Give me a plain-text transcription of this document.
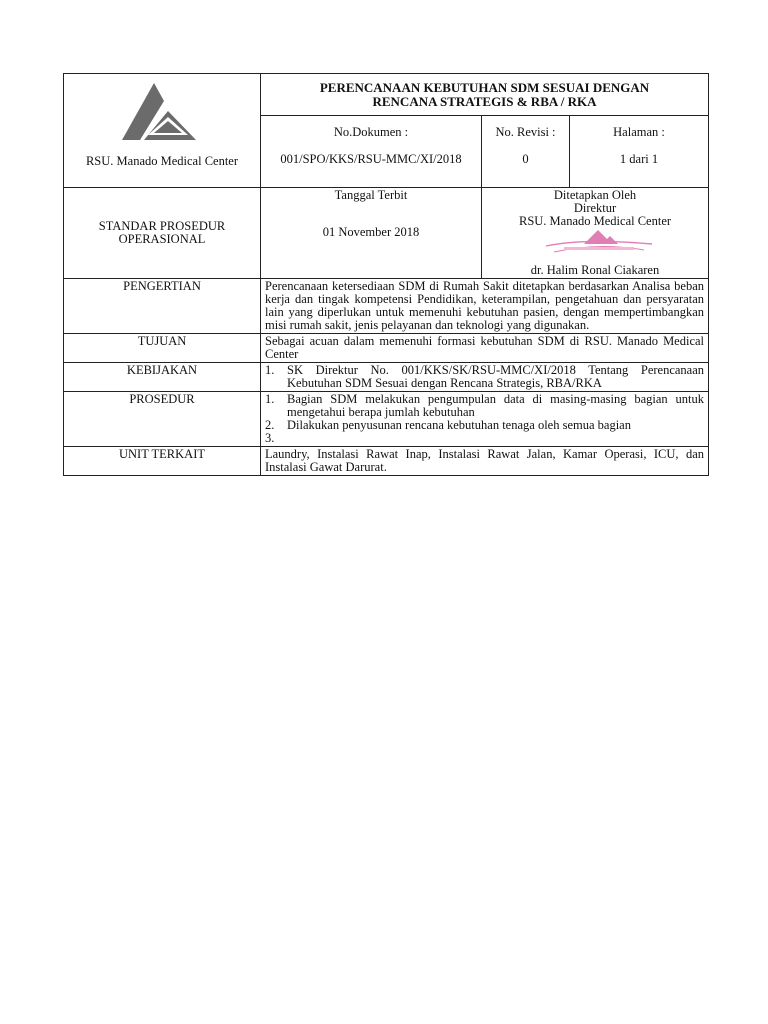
RSU. Manado Medical Center

PERENCANAAN KEBUTUHAN SDM SESUAI DENGAN
RENCANA STRATEGIS & RBA / RKA

No.Dokumen :
001/SPO/KKS/RSU-MMC/XI/2018

No. Revisi :
0

Halaman :
1 dari 1

STANDAR PROSEDUR
OPERASIONAL

Tanggal Terbit
01 November 2018

Ditetapkan Oleh
Direktur
RSU. Manado Medical Center
dr. Halim Ronal Ciakaren

PENGERTIAN	Perencanaan ketersediaan SDM di Rumah Sakit ditetapkan berdasarkan Analisa beban kerja dan tingak kompetensi Pendidikan, keterampilan, pengetahuan dan persyaratan lain yang diperlukan untuk memenuhi kebutuhan pasien, dengan mempertimbangkan misi rumah sakit, jenis pelayanan dan teknologi yang digunakan.
TUJUAN	Sebagai acuan dalam memenuhi formasi kebutuhan SDM di RSU. Manado Medical Center
KEBIJAKAN	1. SK Direktur No. 001/KKS/SK/RSU-MMC/XI/2018 Tentang Perencanaan Kebutuhan SDM Sesuai dengan Rencana Strategis, RBA/RKA

PROSEDUR	1. Bagian SDM melakukan pengumpulan data di masing-masing bagian untuk mengetahui berapa jumlah kebutuhan
2. Dilakukan penyusunan rencana kebutuhan tenaga oleh semua bagian
3.

UNIT TERKAIT	Laundry, Instalasi Rawat Inap, Instalasi Rawat Jalan, Kamar Operasi, ICU, dan Instalasi Gawat Darurat.
